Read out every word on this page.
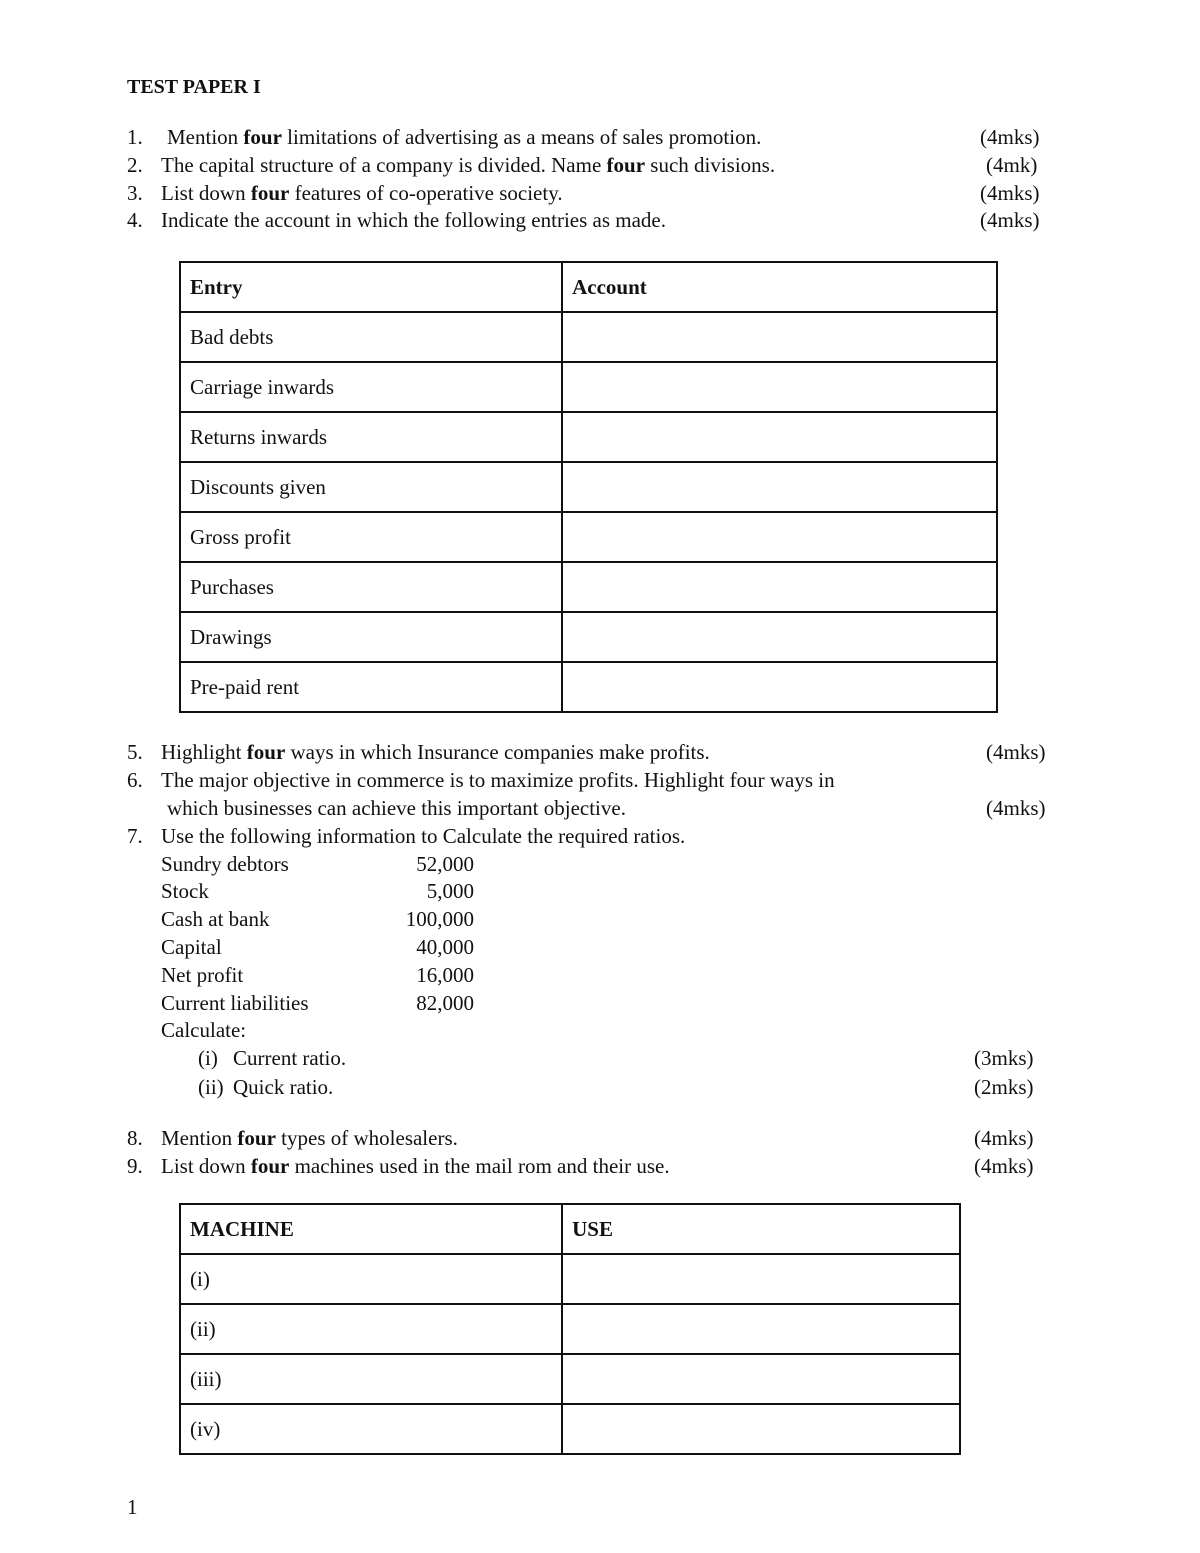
TEST PAPER I
1. Mention four limitations of advertising as a means of sales promotion.	(4mks)
2. The capital structure of a company is divided. Name four such divisions.	(4mk)
3. List down four features of co-operative society.	(4mks)
4. Indicate the account in which the following entries as made.	(4mks)
Entry	Account
Bad debts	
Carriage inwards	
Returns inwards	
Discounts given	
Gross profit	
Purchases	
Drawings	
Pre-paid rent	
5. Highlight four ways in which Insurance companies make profits.	(4mks)
6. The major objective in commerce is to maximize profits. Highlight four ways in
which businesses can achieve this important objective.	(4mks)
7. Use the following information to Calculate the required ratios.
Sundry debtors	52,000
Stock	5,000
Cash at bank	100,000
Capital	40,000
Net profit	16,000
Current liabilities	82,000
Calculate:
(i) Current ratio.	(3mks)
(ii) Quick ratio.	(2mks)
8. Mention four types of wholesalers.	(4mks)
9. List down four machines used in the mail rom and their use.	(4mks)
MACHINE	USE
(i)	
(ii)	
(iii)	
(iv)	
1
